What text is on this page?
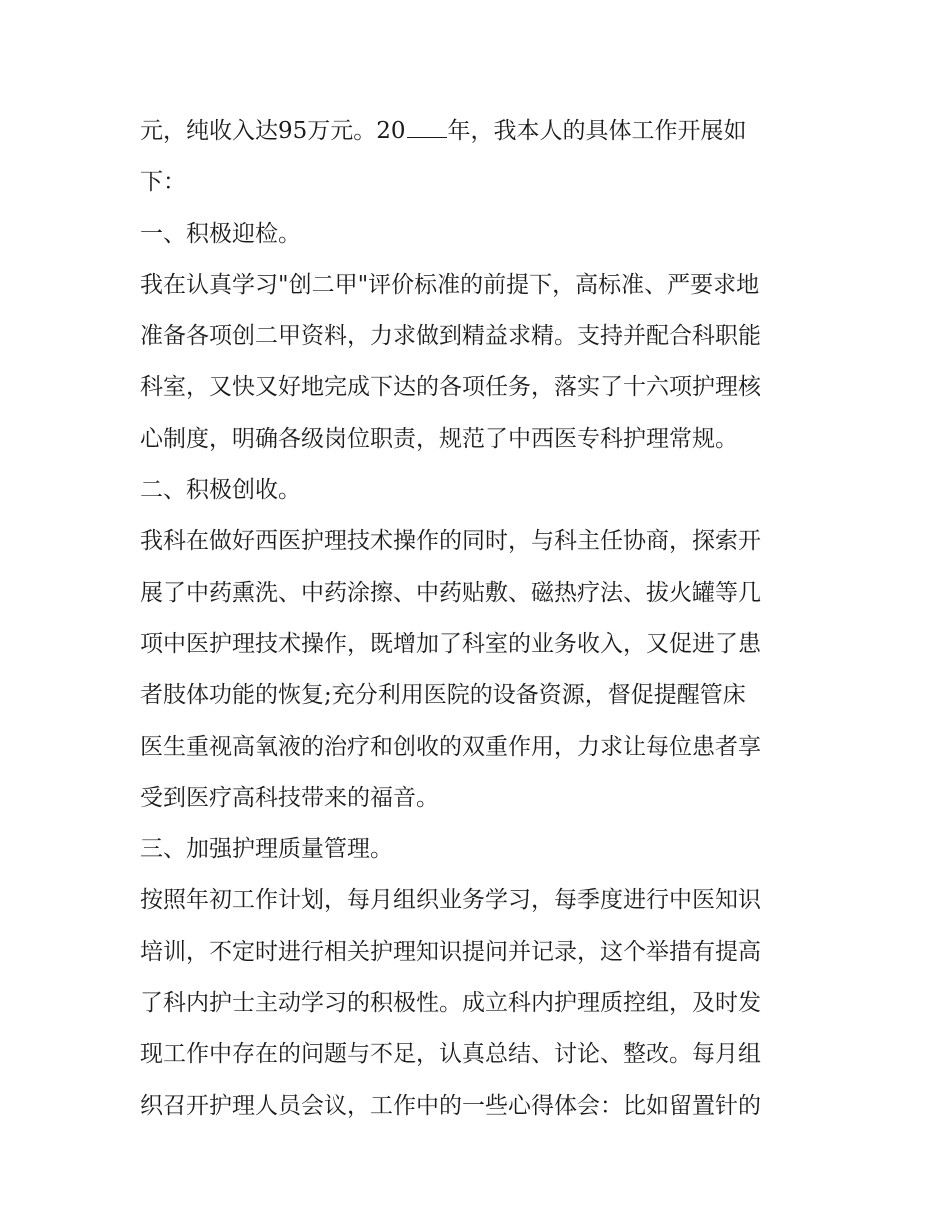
元，纯收入达95万元。20 年，我本人的具体工作开展如
下：
一、积极迎检。
我在认真学习"创二甲"评价标准的前提下，高标准、严要求地
准备各项创二甲资料，力求做到精益求精。支持并配合科职能
科室，又快又好地完成下达的各项任务，落实了十六项护理核
心制度，明确各级岗位职责，规范了中西医专科护理常规。
二、积极创收。
我科在做好西医护理技术操作的同时，与科主任协商，探索开
展了中药熏洗、中药涂擦、中药贴敷、磁热疗法、拔火罐等几
项中医护理技术操作，既增加了科室的业务收入，又促进了患
者肢体功能的恢复;充分利用医院的设备资源，督促提醒管床
医生重视高氧液的治疗和创收的双重作用，力求让每位患者享
受到医疗高科技带来的福音。
三、加强护理质量管理。
按照年初工作计划，每月组织业务学习，每季度进行中医知识
培训，不定时进行相关护理知识提问并记录，这个举措有提高
了科内护士主动学习的积极性。成立科内护理质控组，及时发
现工作中存在的问题与不足，认真总结、讨论、整改。每月组
织召开护理人员会议，工作中的一些心得体会：比如留置针的
